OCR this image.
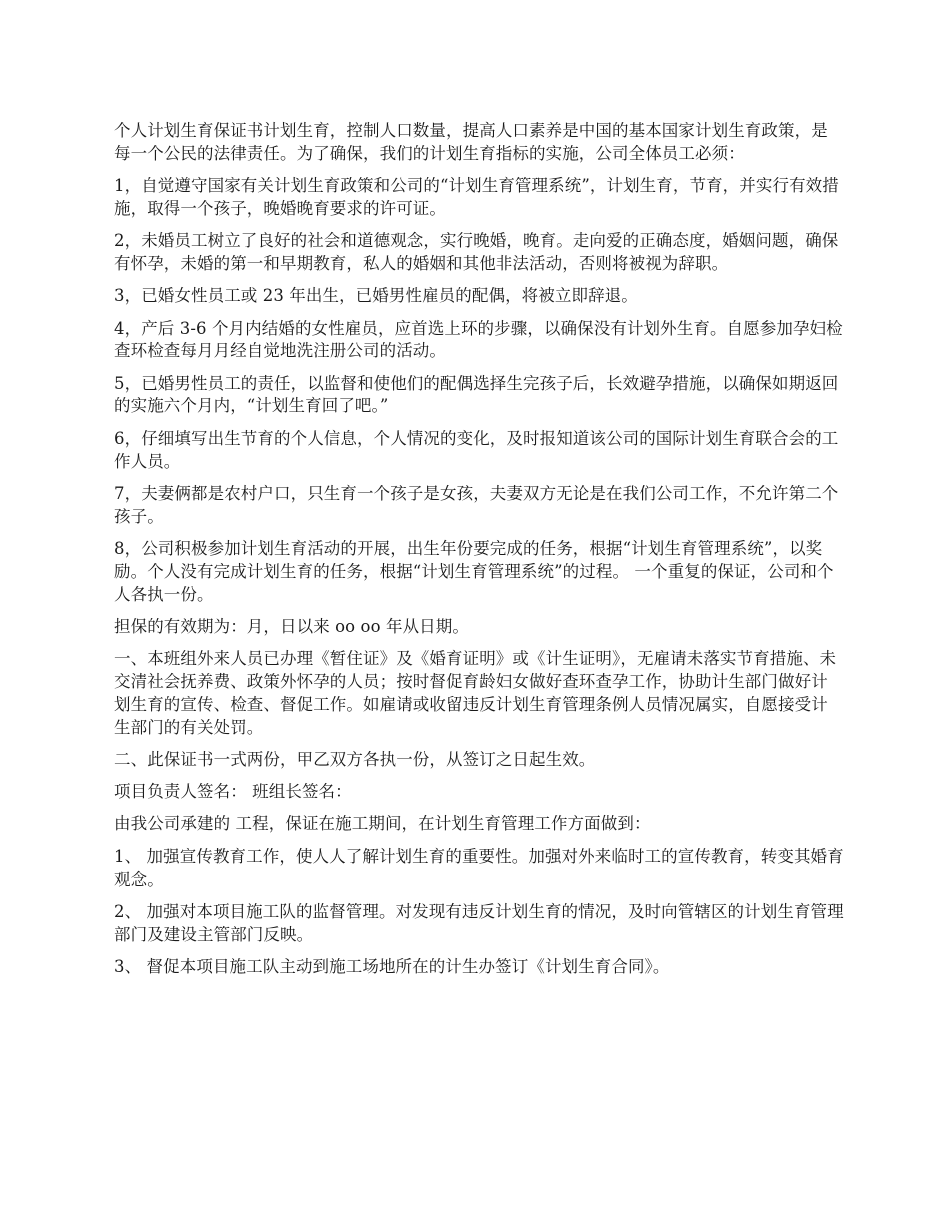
个人计划生育保证书计划生育，控制人口数量，提高人口素养是中国的基本国家计划生育政策，是每一个公民的法律责任。为了确保，我们的计划生育指标的实施，公司全体员工必须：

1，自觉遵守国家有关计划生育政策和公司的“计划生育管理系统”，计划生育，节育，并实行有效措施，取得一个孩子，晚婚晚育要求的许可证。

2，未婚员工树立了良好的社会和道德观念，实行晚婚，晚育。走向爱的正确态度，婚姻问题，确保有怀孕，未婚的第一和早期教育，私人的婚姻和其他非法活动，否则将被视为辞职。

3，已婚女性员工或 23 年出生，已婚男性雇员的配偶，将被立即辞退。

4，产后 3-6 个月内结婚的女性雇员，应首选上环的步骤，以确保没有计划外生育。自愿参加孕妇检查环检查每月月经自觉地洗注册公司的活动。

5，已婚男性员工的责任，以监督和使他们的配偶选择生完孩子后，长效避孕措施，以确保如期返回的实施六个月内，“计划生育回了吧。”

6，仔细填写出生节育的个人信息，个人情况的变化，及时报知道该公司的国际计划生育联合会的工作人员。

7，夫妻俩都是农村户口，只生育一个孩子是女孩，夫妻双方无论是在我们公司工作，不允许第二个孩子。

8，公司积极参加计划生育活动的开展，出生年份要完成的任务，根据“计划生育管理系统”，以奖励。个人没有完成计划生育的任务，根据“计划生育管理系统”的过程。 一个重复的保证，公司和个人各执一份。

担保的有效期为：月，日以来 oo oo 年从日期。

一、本班组外来人员已办理《暂住证》及《婚育证明》或《计生证明》，无雇请未落实节育措施、未交清社会抚养费、政策外怀孕的人员；按时督促育龄妇女做好查环查孕工作，协助计生部门做好计划生育的宣传、检查、督促工作。如雇请或收留违反计划生育管理条例人员情况属实，自愿接受计生部门的有关处罚。

二、此保证书一式两份，甲乙双方各执一份，从签订之日起生效。

项目负责人签名： 班组长签名：

由我公司承建的 工程，保证在施工期间，在计划生育管理工作方面做到：

1、 加强宣传教育工作，使人人了解计划生育的重要性。加强对外来临时工的宣传教育，转变其婚育观念。

2、 加强对本项目施工队的监督管理。对发现有违反计划生育的情况，及时向管辖区的计划生育管理部门及建设主管部门反映。

3、 督促本项目施工队主动到施工场地所在的计生办签订《计划生育合同》。
